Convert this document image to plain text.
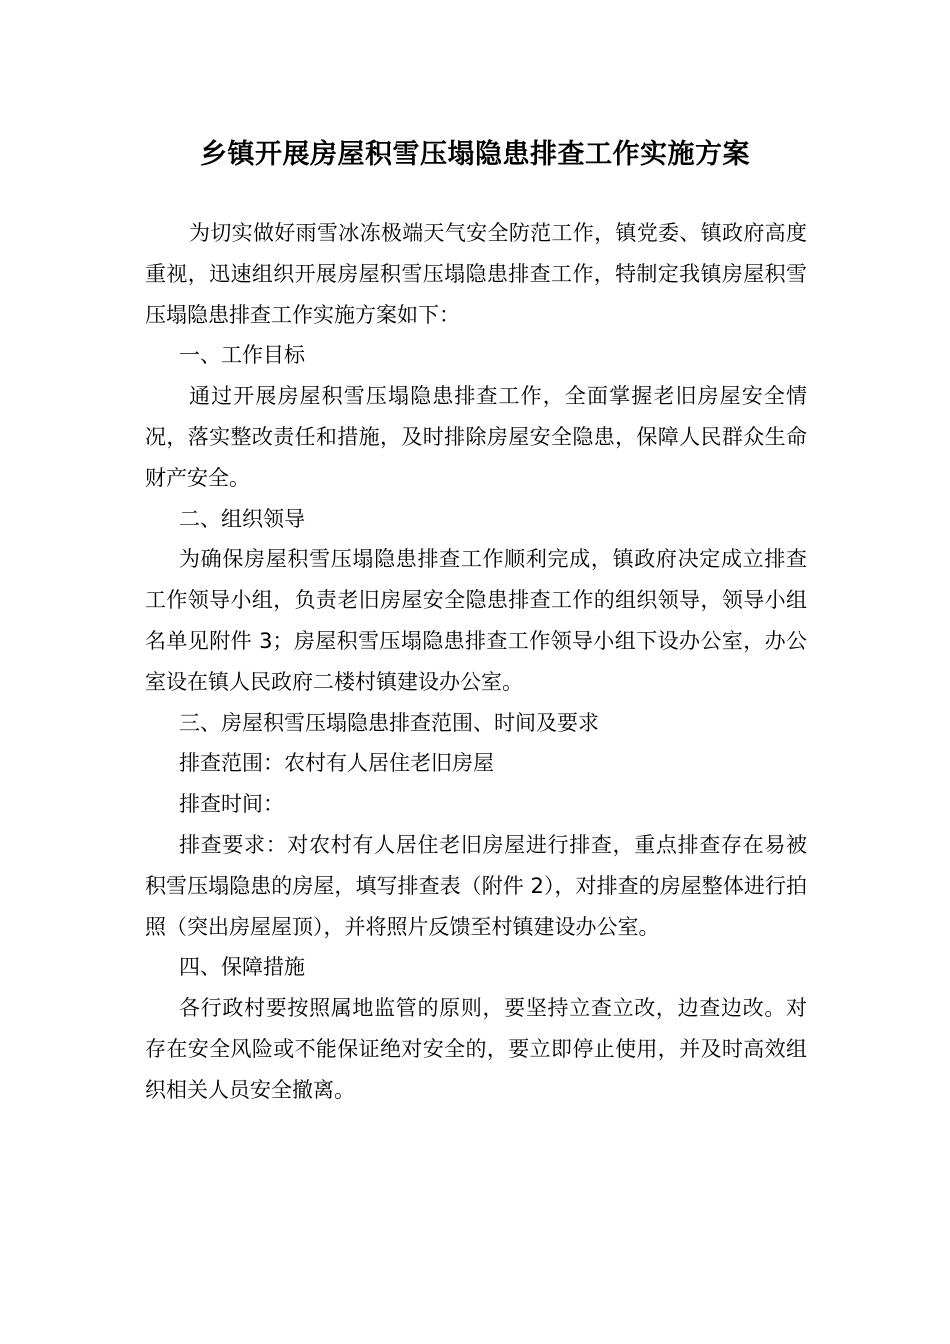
乡镇开展房屋积雪压塌隐患排查工作实施方案

为切实做好雨雪冰冻极端天气安全防范工作，镇党委、镇政府高度重视，迅速组织开展房屋积雪压塌隐患排查工作，特制定我镇房屋积雪压塌隐患排查工作实施方案如下：

一、工作目标

通过开展房屋积雪压塌隐患排查工作，全面掌握老旧房屋安全情况，落实整改责任和措施，及时排除房屋安全隐患，保障人民群众生命财产安全。

二、组织领导

为确保房屋积雪压塌隐患排查工作顺利完成，镇政府决定成立排查工作领导小组，负责老旧房屋安全隐患排查工作的组织领导，领导小组名单见附件 3；房屋积雪压塌隐患排查工作领导小组下设办公室，办公室设在镇人民政府二楼村镇建设办公室。

三、房屋积雪压塌隐患排查范围、时间及要求

排查范围：农村有人居住老旧房屋

排查时间：

排查要求：对农村有人居住老旧房屋进行排查，重点排查存在易被积雪压塌隐患的房屋，填写排查表（附件 2），对排查的房屋整体进行拍照（突出房屋屋顶），并将照片反馈至村镇建设办公室。

四、保障措施

各行政村要按照属地监管的原则，要坚持立查立改，边查边改。对存在安全风险或不能保证绝对安全的，要立即停止使用，并及时高效组织相关人员安全撤离。
